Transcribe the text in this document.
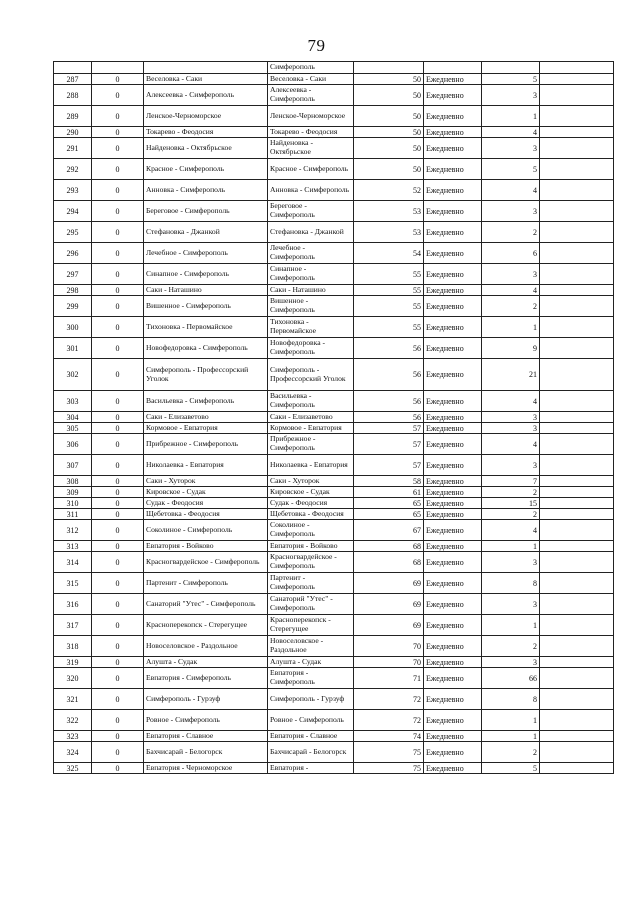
79
			Симферополь				
287	0	Веселовка - Саки	Веселовка - Саки	50	Ежедневно	5	
288	0	Алексеевка - Симферополь	Алексеевка - Симферополь	50	Ежедневно	3	
289	0	Ленское-Черноморское	Ленское-Черноморское	50	Ежедневно	1	
290	0	Токарево - Феодосия	Токарево - Феодосия	50	Ежедневно	4	
291	0	Найденовка - Октябрьское	Найденовка - Октябрьское	50	Ежедневно	3	
292	0	Красное - Симферополь	Красное - Симферополь	50	Ежедневно	5	
293	0	Анновка - Симферополь	Анновка - Симферополь	52	Ежедневно	4	
294	0	Береговое - Симферополь	Береговое - Симферополь	53	Ежедневно	3	
295	0	Стефановка - Джанкой	Стефановка - Джанкой	53	Ежедневно	2	
296	0	Лечебное - Симферополь	Лечебное - Симферополь	54	Ежедневно	6	
297	0	Синапное - Симферополь	Синапное - Симферополь	55	Ежедневно	3	
298	0	Саки - Наташино	Саки - Наташино	55	Ежедневно	4	
299	0	Вишенное - Симферополь	Вишенное - Симферополь	55	Ежедневно	2	
300	0	Тихоновка - Первомайское	Тихоновка - Первомайское	55	Ежедневно	1	
301	0	Новофедоровка - Симферополь	Новофедоровка - Симферополь	56	Ежедневно	9	
302	0	Симферополь - Профессорский Уголок	Симферополь - Профессорский Уголок	56	Ежедневно	21	
303	0	Васильевка - Симферополь	Васильевка - Симферополь	56	Ежедневно	4	
304	0	Саки - Елизаветово	Саки - Елизаветово	56	Ежедневно	3	
305	0	Кормовое - Евпатория	Кормовое - Евпатория	57	Ежедневно	3	
306	0	Прибрежное - Симферополь	Прибрежное - Симферополь	57	Ежедневно	4	
307	0	Николаевка - Евпатория	Николаевка - Евпатория	57	Ежедневно	3	
308	0	Саки - Хуторок	Саки - Хуторок	58	Ежедневно	7	
309	0	Кировское - Судак	Кировское - Судак	61	Ежедневно	2	
310	0	Судак - Феодосия	Судак - Феодосия	65	Ежедневно	15	
311	0	Щебетовка - Феодосия	Щебетовка - Феодосия	65	Ежедневно	2	
312	0	Соколиное - Симферополь	Соколиное - Симферополь	67	Ежедневно	4	
313	0	Евпатория - Войково	Евпатория - Войково	68	Ежедневно	1	
314	0	Красногвардейское - Симферополь	Красногвардейское - Симферополь	68	Ежедневно	3	
315	0	Партенит - Симферополь	Партенит - Симферополь	69	Ежедневно	8	
316	0	Санаторий "Утес" - Симферополь	Санаторий "Утес" - Симферополь	69	Ежедневно	3	
317	0	Краснoперекопск - Стерегущее	Красноперекопск - Стерегущее	69	Ежедневно	1	
318	0	Новоселовское - Раздольное	Новоселовское - Раздольное	70	Ежедневно	2	
319	0	Алушта - Судак	Алушта - Судак	70	Ежедневно	3	
320	0	Евпатория - Симферополь	Евпатория - Симферополь	71	Ежедневно	66	
321	0	Симферополь - Гурзуф	Симферополь - Гурзуф	72	Ежедневно	8	
322	0	Ровное - Симферополь	Ровное - Симферополь	72	Ежедневно	1	
323	0	Евпатория - Славное	Евпатория - Славное	74	Ежедневно	1	
324	0	Бахчисарай - Белогорск	Бахчисарай - Белогорск	75	Ежедневно	2	
325	0	Евпатория - Черноморское	Евпатория -	75	Ежедневно	5	
